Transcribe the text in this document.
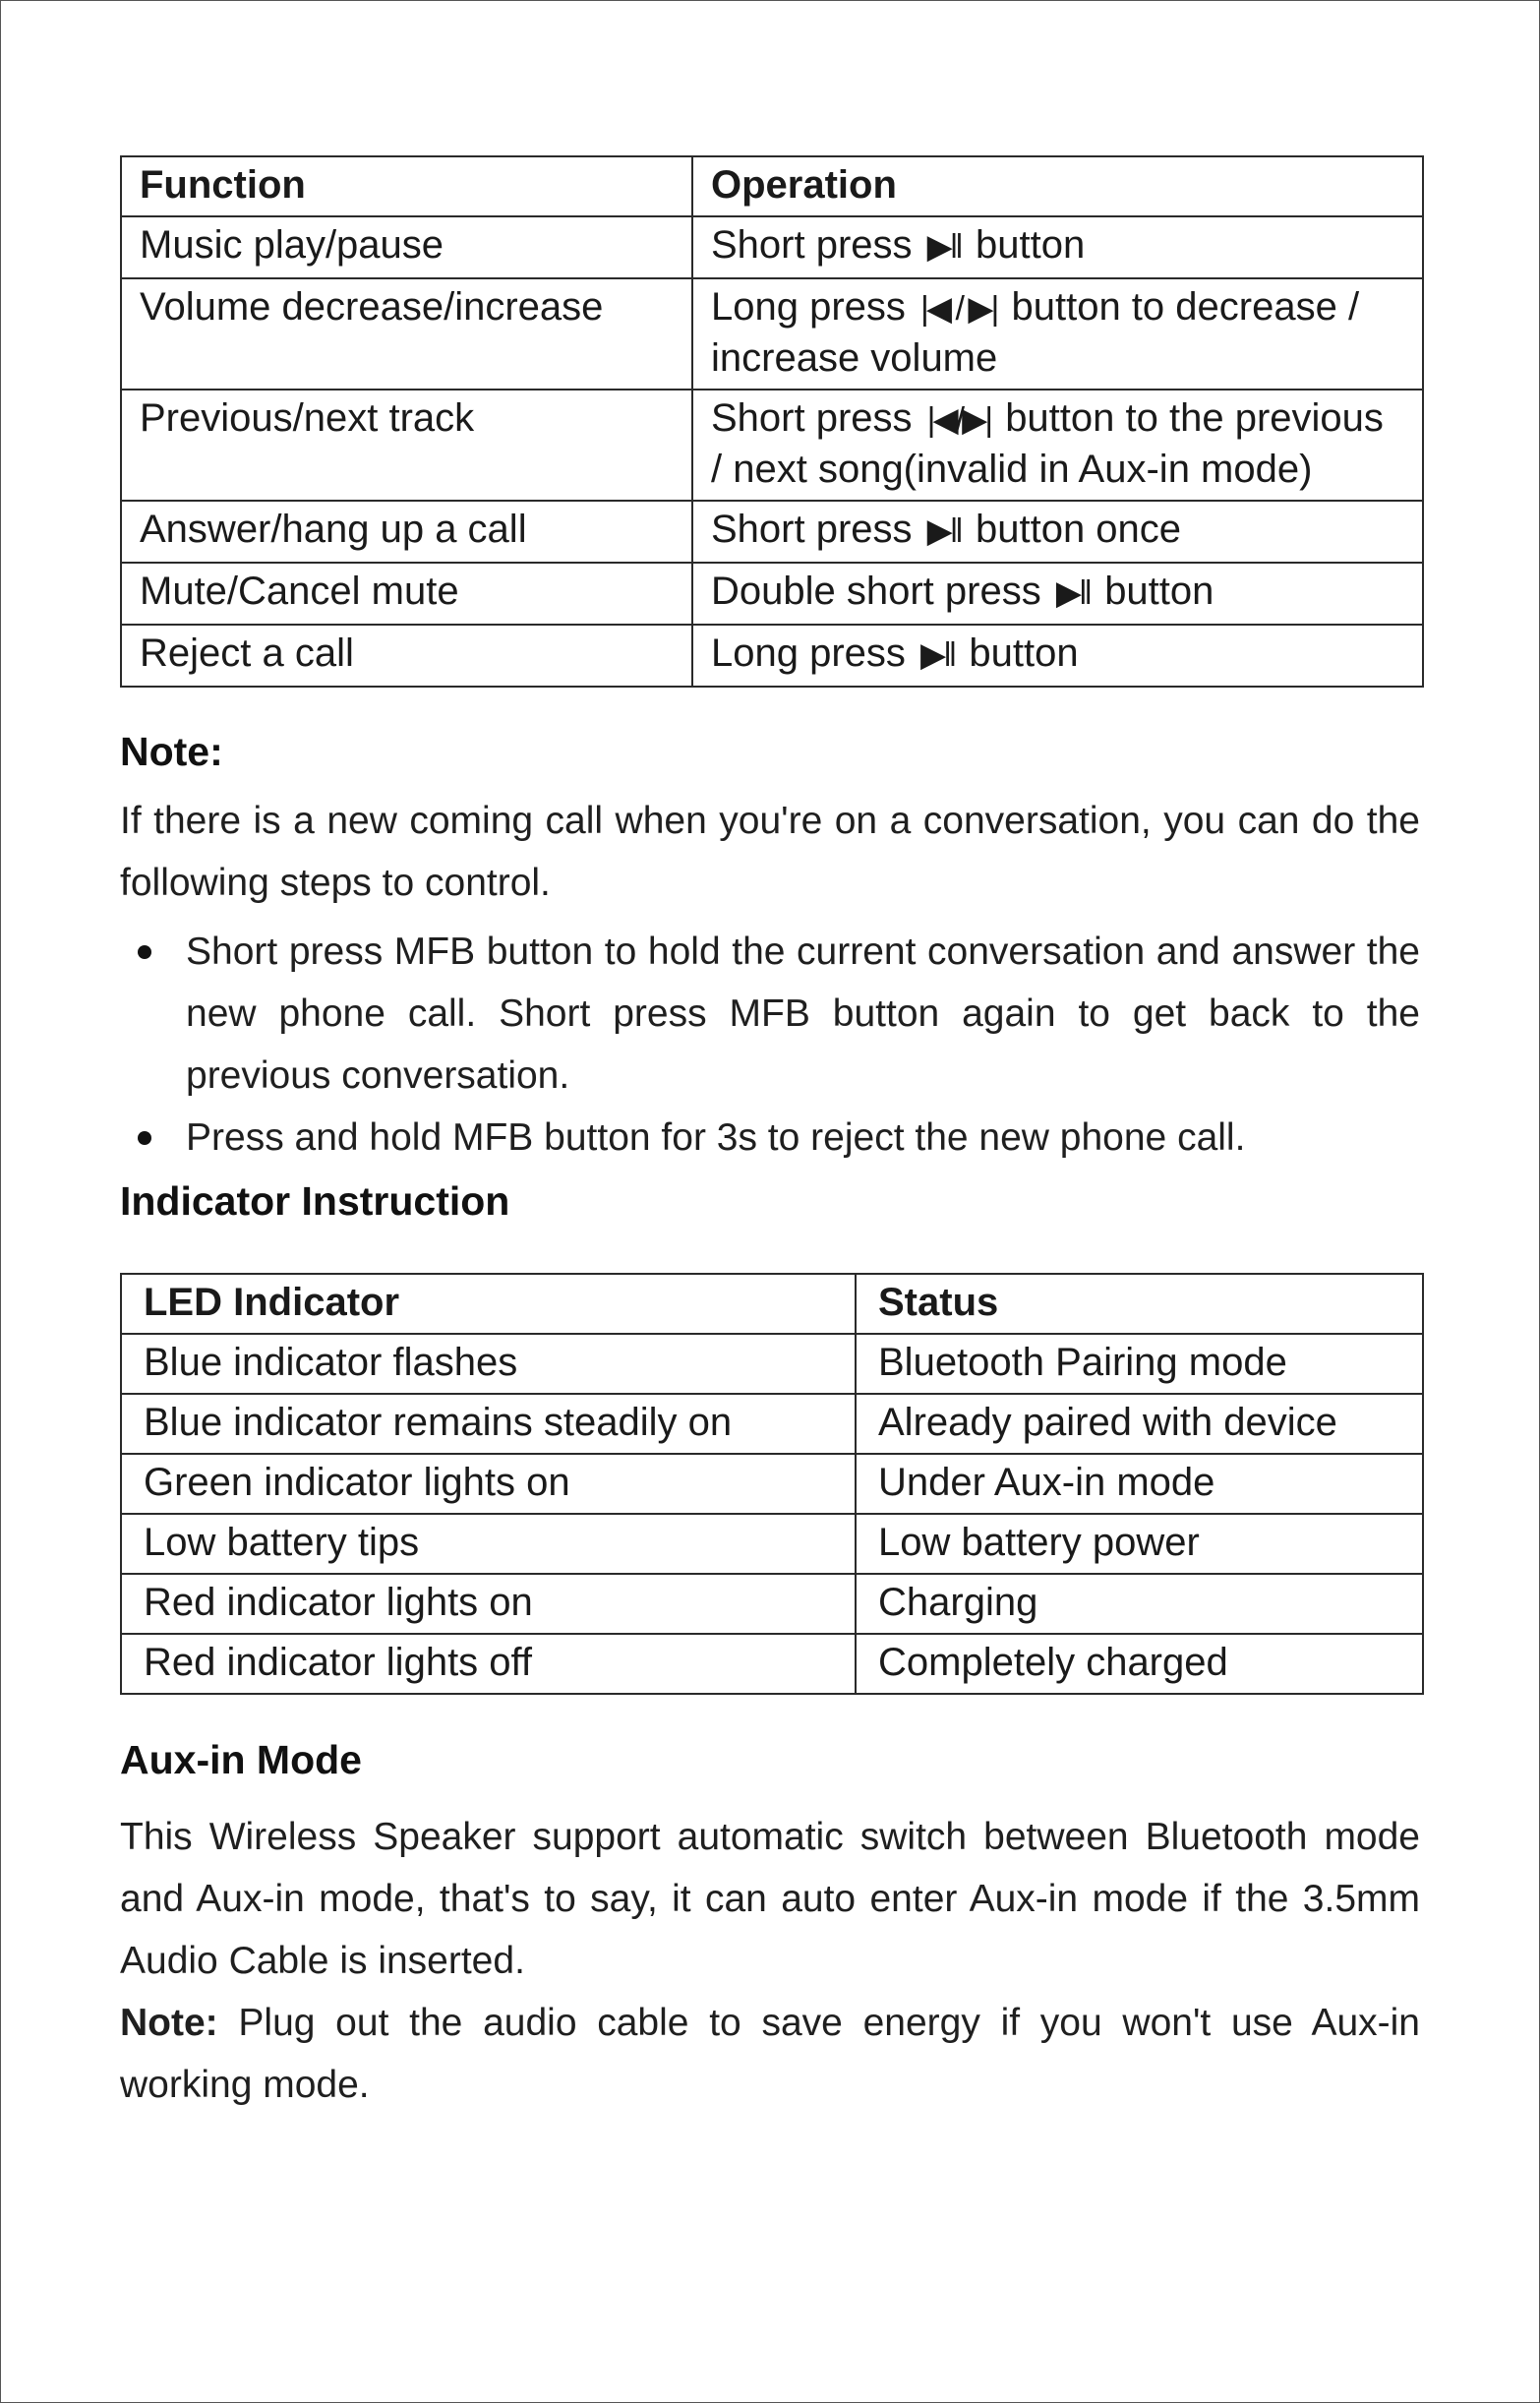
Function	Operation
Music play/pause	Short press ▶‖ button
Volume decrease/increase	Long press |◀ / ▶| button to decrease / increase volume
Previous/next track	Short press |◀/▶| button to the previous / next song(invalid in Aux-in mode)
Answer/hang up a call	Short press ▶‖ button once
Mute/Cancel mute	Double short press ▶‖ button
Reject a call	Long press ▶‖ button
Note:
If there is a new coming call when you're on a conversation, you can do the following steps to control.
Short press MFB button to hold the current conversation and answer the new phone call. Short press MFB button again to get back to the previous conversation.
Press and hold MFB button for 3s to reject the new phone call.
Indicator Instruction
LED Indicator	Status
Blue indicator flashes	Bluetooth Pairing mode
Blue indicator remains steadily on	Already paired with device
Green indicator lights on	Under Aux-in mode
Low battery tips	Low battery power
Red indicator lights on	Charging
Red indicator lights off	Completely charged
Aux-in Mode
This Wireless Speaker support automatic switch between Bluetooth mode and Aux-in mode, that's to say, it can auto enter Aux-in mode if the 3.5mm Audio Cable is inserted.
Note: Plug out the audio cable to save energy if you won't use Aux-in working mode.
